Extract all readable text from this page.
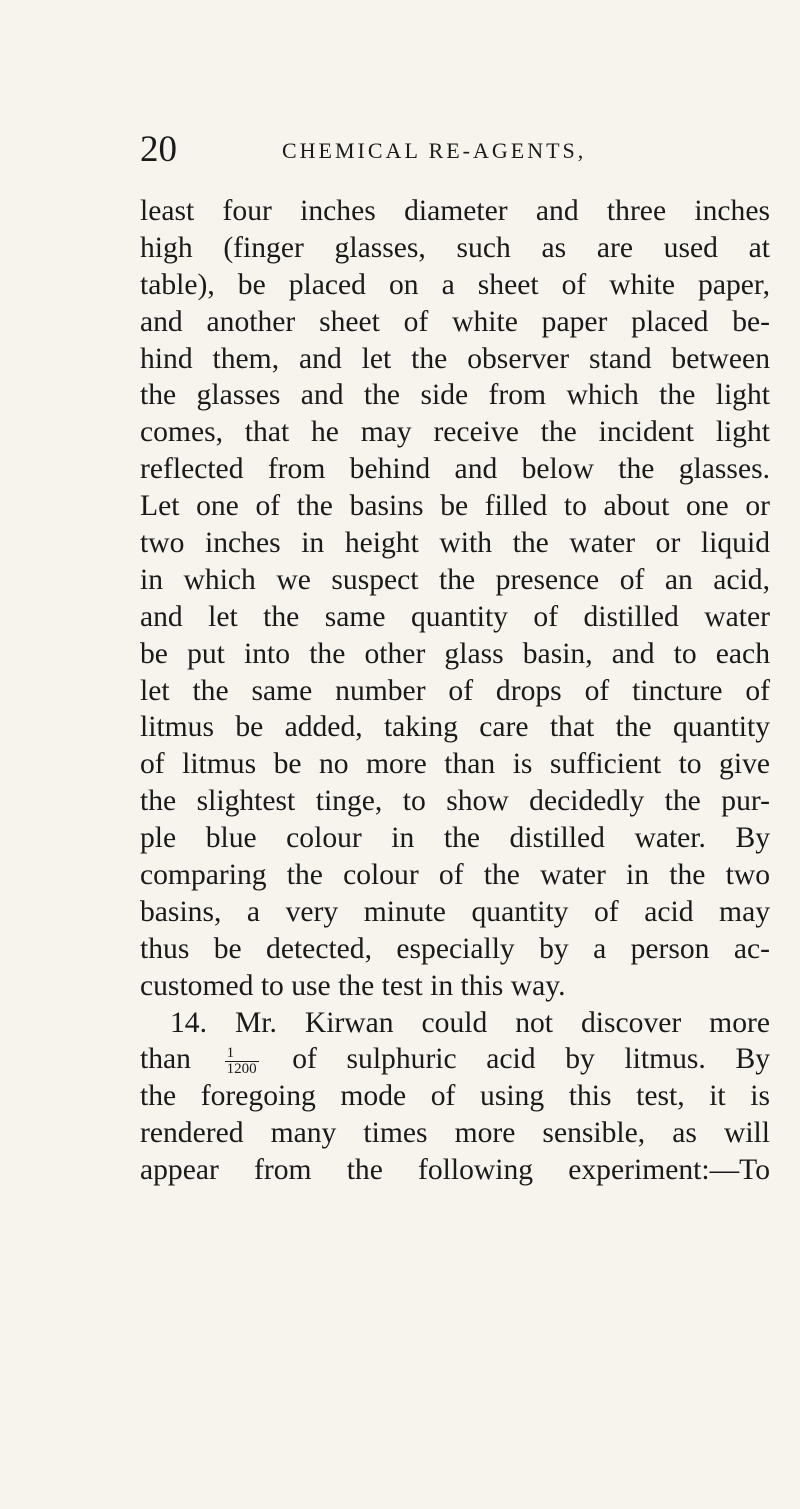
20	CHEMICAL RE-AGENTS,
least four inches diameter and three inches
high (finger glasses, such as are used at
table), be placed on a sheet of white paper,
and another sheet of white paper placed be-
hind them, and let the observer stand between
the glasses and the side from which the light
comes, that he may receive the incident light
reflected from behind and below the glasses.
Let one of the basins be filled to about one or
two inches in height with the water or liquid
in which we suspect the presence of an acid,
and let the same quantity of distilled water
be put into the other glass basin, and to each
let the same number of drops of tincture of
litmus be added, taking care that the quantity
of litmus be no more than is sufficient to give
the slightest tinge, to show decidedly the pur-
ple blue colour in the distilled water. By
comparing the colour of the water in the two
basins, a very minute quantity of acid may
thus be detected, especially by a person ac-
customed to use the test in this way.
14. Mr. Kirwan could not discover more
than $\frac{1}{1200}$ of sulphuric acid by litmus. By
the foregoing mode of using this test, it is
rendered many times more sensible, as will
appear from the following experiment:—To
